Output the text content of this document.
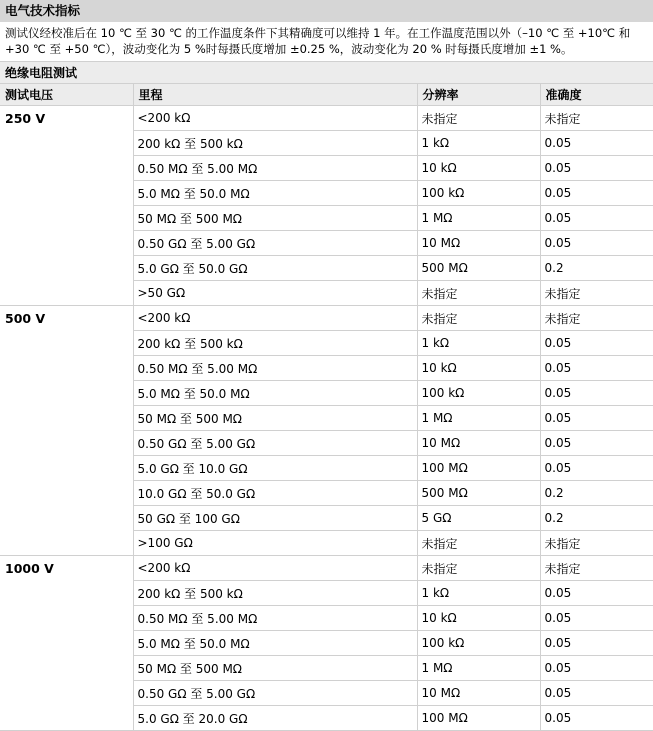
电气技术指标
测试仪经校准后在 10 ℃ 至 30 ℃ 的工作温度条件下其精确度可以维持 1 年。在工作温度范围以外（–10 ℃ 至 +10℃ 和 +30 ℃ 至 +50 ℃），波动变化为 5 %时每摄氏度增加 ±0.25 %，波动变化为 20 % 时每摄氏度增加 ±1 %。
绝缘电阻测试
测试电压	里程	分辨率	准确度
250 V	<200 kΩ	未指定	未指定
	200 kΩ 至 500 kΩ	1 kΩ	0.05
	0.50 MΩ 至 5.00 MΩ	10 kΩ	0.05
	5.0 MΩ 至 50.0 MΩ	100 kΩ	0.05
	50 MΩ 至 500 MΩ	1 MΩ	0.05
	0.50 GΩ 至 5.00 GΩ	10 MΩ	0.05
	5.0 GΩ 至 50.0 GΩ	500 MΩ	0.2
	>50 GΩ	未指定	未指定
500 V	<200 kΩ	未指定	未指定
	200 kΩ 至 500 kΩ	1 kΩ	0.05
	0.50 MΩ 至 5.00 MΩ	10 kΩ	0.05
	5.0 MΩ 至 50.0 MΩ	100 kΩ	0.05
	50 MΩ 至 500 MΩ	1 MΩ	0.05
	0.50 GΩ 至 5.00 GΩ	10 MΩ	0.05
	5.0 GΩ 至 10.0 GΩ	100 MΩ	0.05
	10.0 GΩ 至 50.0 GΩ	500 MΩ	0.2
	50 GΩ 至 100 GΩ	5 GΩ	0.2
	>100 GΩ	未指定	未指定
1000 V	<200 kΩ	未指定	未指定
	200 kΩ 至 500 kΩ	1 kΩ	0.05
	0.50 MΩ 至 5.00 MΩ	10 kΩ	0.05
	5.0 MΩ 至 50.0 MΩ	100 kΩ	0.05
	50 MΩ 至 500 MΩ	1 MΩ	0.05
	0.50 GΩ 至 5.00 GΩ	10 MΩ	0.05
	5.0 GΩ 至 20.0 GΩ	100 MΩ	0.05
